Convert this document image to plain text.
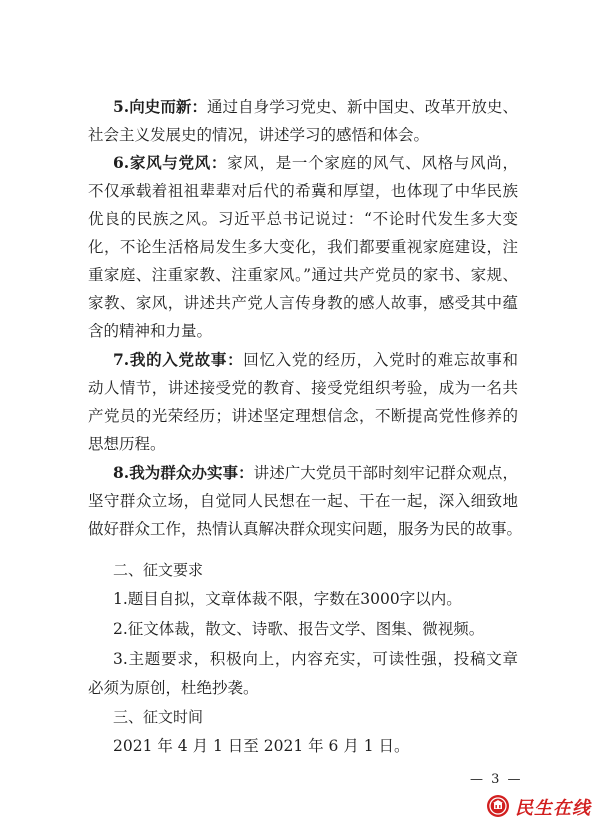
5.向史而新：通过自身学习党史、新中国史、改革开放史、
社会主义发展史的情况，讲述学习的感悟和体会。
6.家风与党风：家风，是一个家庭的风气、风格与风尚，
不仅承载着祖祖辈辈对后代的希冀和厚望，也体现了中华民族
优良的民族之风。习近平总书记说过：“不论时代发生多大变
化，不论生活格局发生多大变化，我们都要重视家庭建设，注
重家庭、注重家教、注重家风。”通过共产党员的家书、家规、
家教、家风，讲述共产党人言传身教的感人故事，感受其中蕴
含的精神和力量。
7.我的入党故事：回忆入党的经历，入党时的难忘故事和
动人情节，讲述接受党的教育、接受党组织考验，成为一名共
产党员的光荣经历；讲述坚定理想信念，不断提高党性修养的
思想历程。
8.我为群众办实事：讲述广大党员干部时刻牢记群众观点，
坚守群众立场，自觉同人民想在一起、干在一起，深入细致地
做好群众工作，热情认真解决群众现实问题，服务为民的故事。
二、征文要求
1.题目自拟，文章体裁不限，字数在3000字以内。
2.征文体裁，散文、诗歌、报告文学、图集、微视频。
3.主题要求，积极向上，内容充实，可读性强，投稿文章
必须为原创，杜绝抄袭。
三、征文时间
2021 年 4 月 1 日至 2021 年 6 月 1 日。
— 3 —
民生在线
